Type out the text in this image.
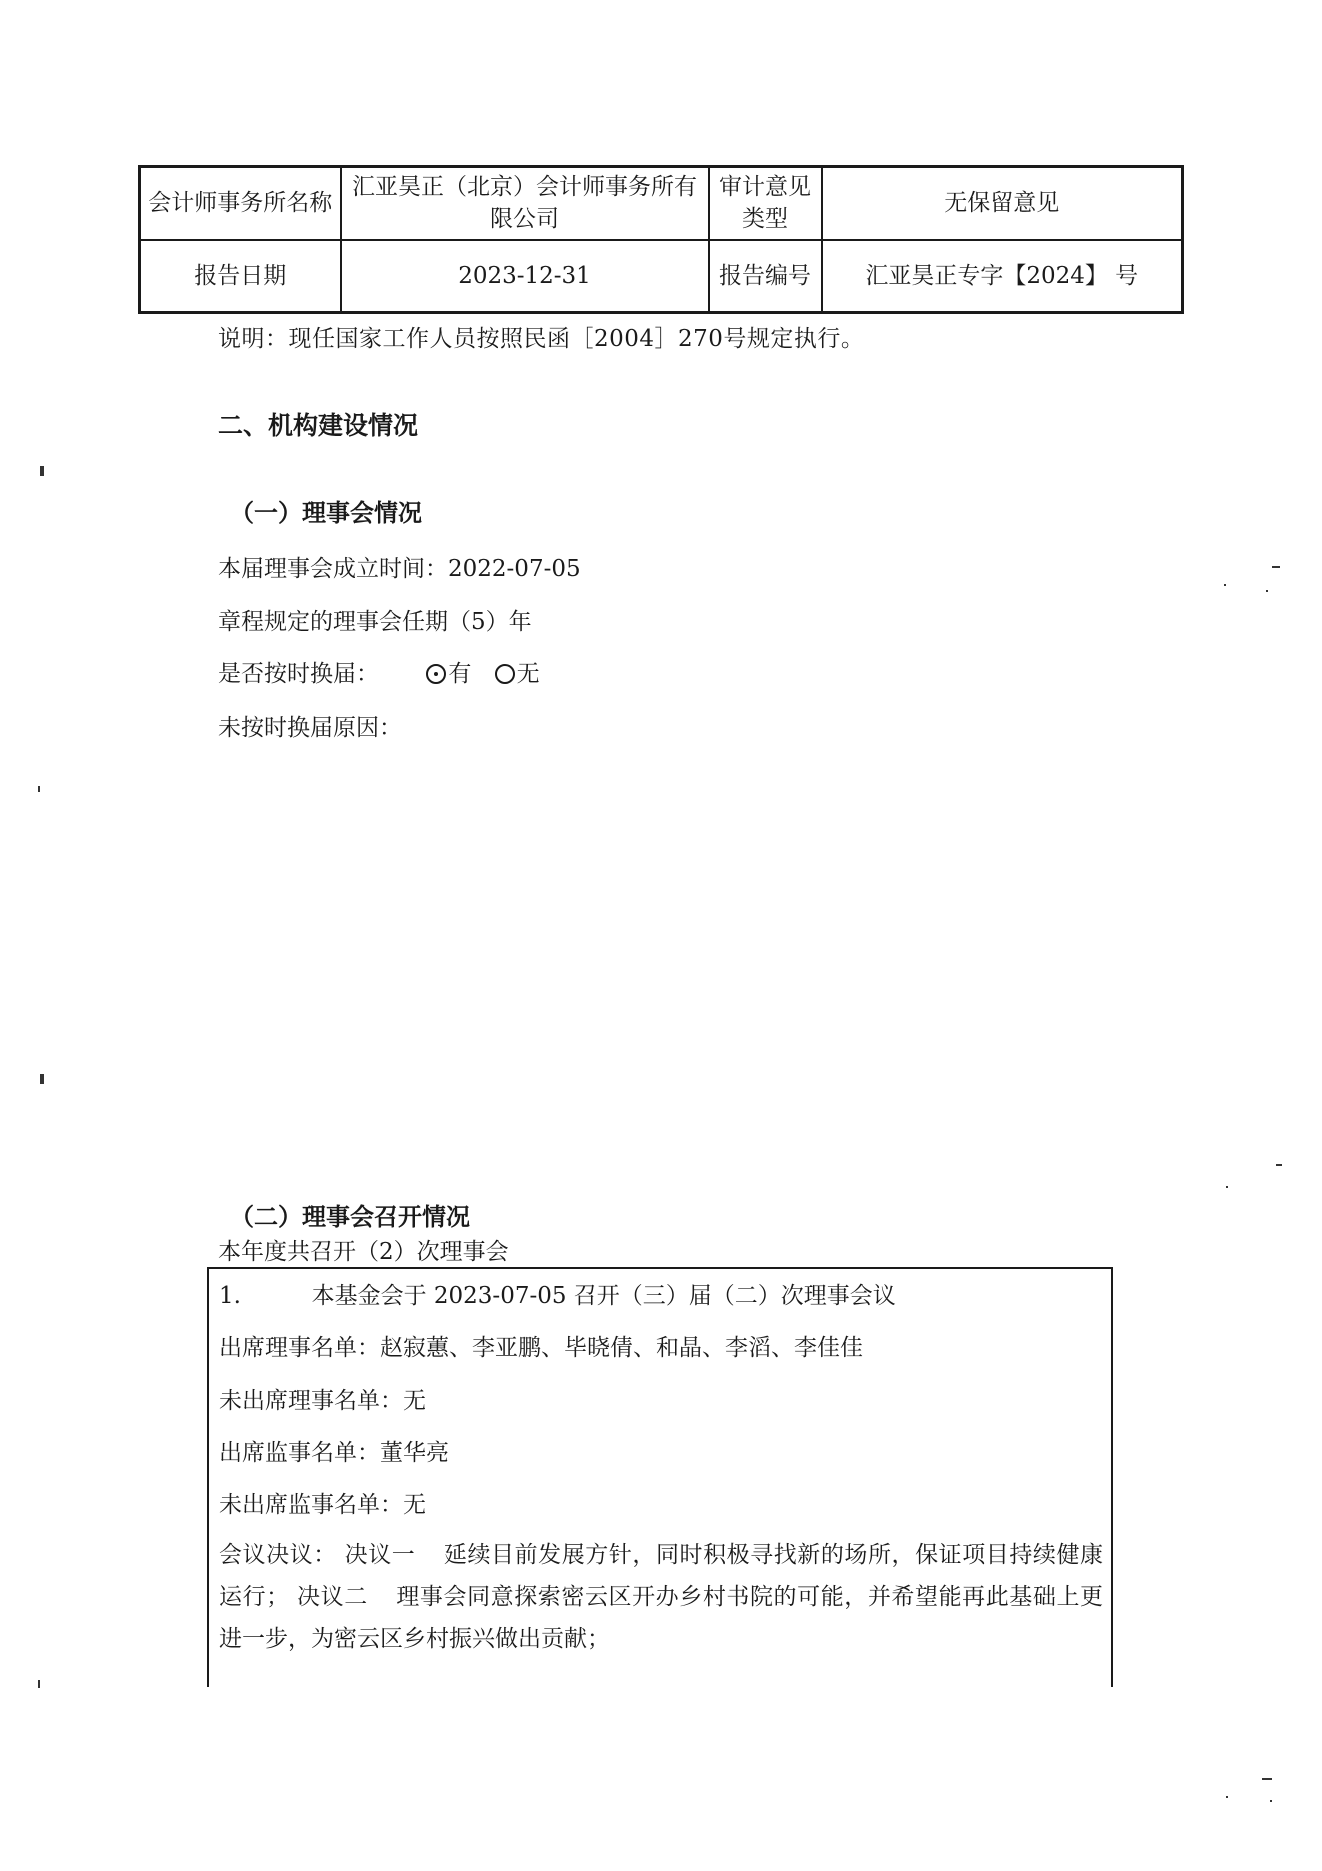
会计师事务所名称	汇亚昊正（北京）会计师事务所有限公司	审计意见类型	无保留意见
报告日期	2023-12-31	报告编号	汇亚昊正专字【2024】 号
说明：现任国家工作人员按照民函［2004］270号规定执行。
二、机构建设情况
（一）理事会情况
本届理事会成立时间：2022-07-05
章程规定的理事会任期（5）年
是否按时换届：	有 无
未按时换届原因：
（二）理事会召开情况
本年度共召开（2）次理事会
1.	本基金会于 2023-07-05 召开（三）届（二）次理事会议
出席理事名单：赵寂蕙、李亚鹏、毕晓倩、和晶、李滔、李佳佳
未出席理事名单：无
出席监事名单：董华亮
未出席监事名单：无
会议决议： 决议一 延续目前发展方针，同时积极寻找新的场所，保证项目持续健康运行； 决议二 理事会同意探索密云区开办乡村书院的可能，并希望能再此基础上更进一步，为密云区乡村振兴做出贡献；
